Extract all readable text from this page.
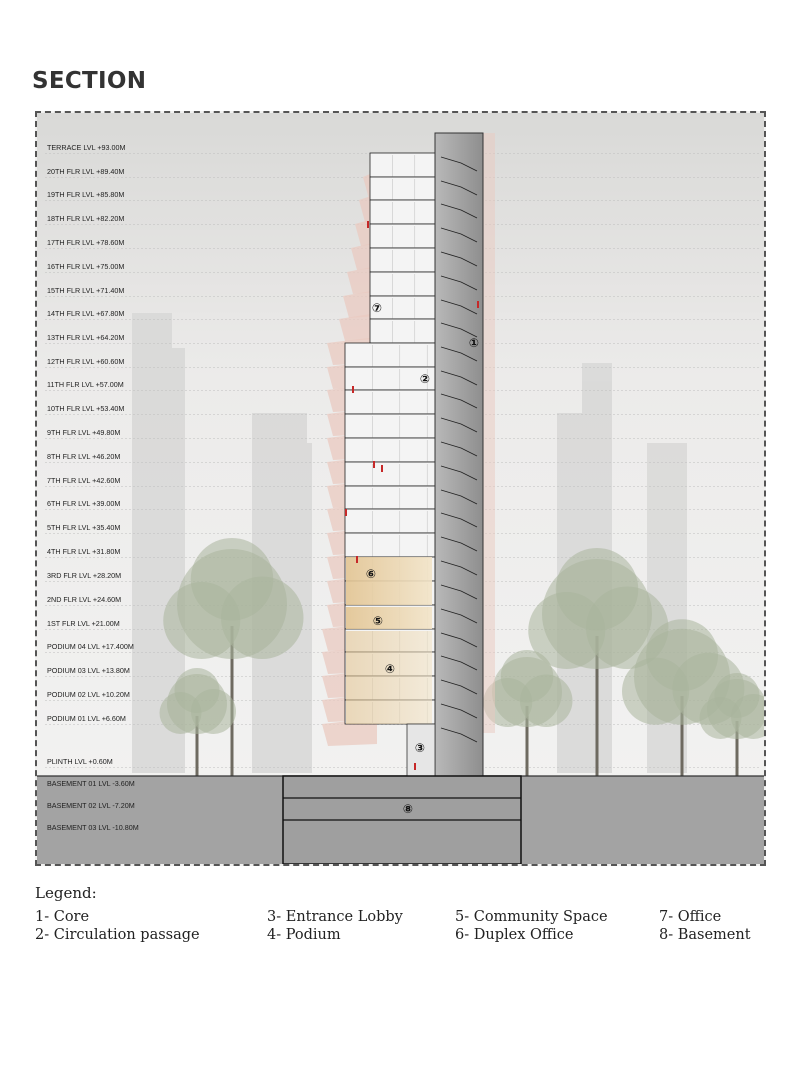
SECTION
①
②
③
④
⑤
⑥
⑦
⑧
TERRACE LVL +93.00M
20TH FLR LVL +89.40M
19TH FLR LVL +85.80M
18TH FLR LVL +82.20M
17TH FLR LVL +78.60M
16TH FLR LVL +75.00M
15TH FLR LVL +71.40M
14TH FLR LVL +67.80M
13TH FLR LVL +64.20M
12TH FLR LVL +60.60M
11TH FLR LVL +57.00M
10TH FLR LVL +53.40M
9TH FLR LVL +49.80M
8TH FLR LVL +46.20M
7TH FLR LVL +42.60M
6TH FLR LVL +39.00M
5TH FLR LVL +35.40M
4TH FLR LVL +31.80M
3RD FLR LVL +28.20M
2ND FLR LVL +24.60M
1ST FLR LVL +21.00M
PODIUM 04 LVL +17.400M
PODIUM 03 LVL +13.80M
PODIUM 02 LVL +10.20M
PODIUM 01 LVL +6.60M
PLINTH LVL +0.60M
BASEMENT 01 LVL -3.60M
BASEMENT 02 LVL -7.20M
BASEMENT 03 LVL -10.80M
Legend:
1- Core
2- Circulation passage
3- Entrance Lobby
4- Podium
5- Community Space
6- Duplex Office
7- Office
8- Basement
